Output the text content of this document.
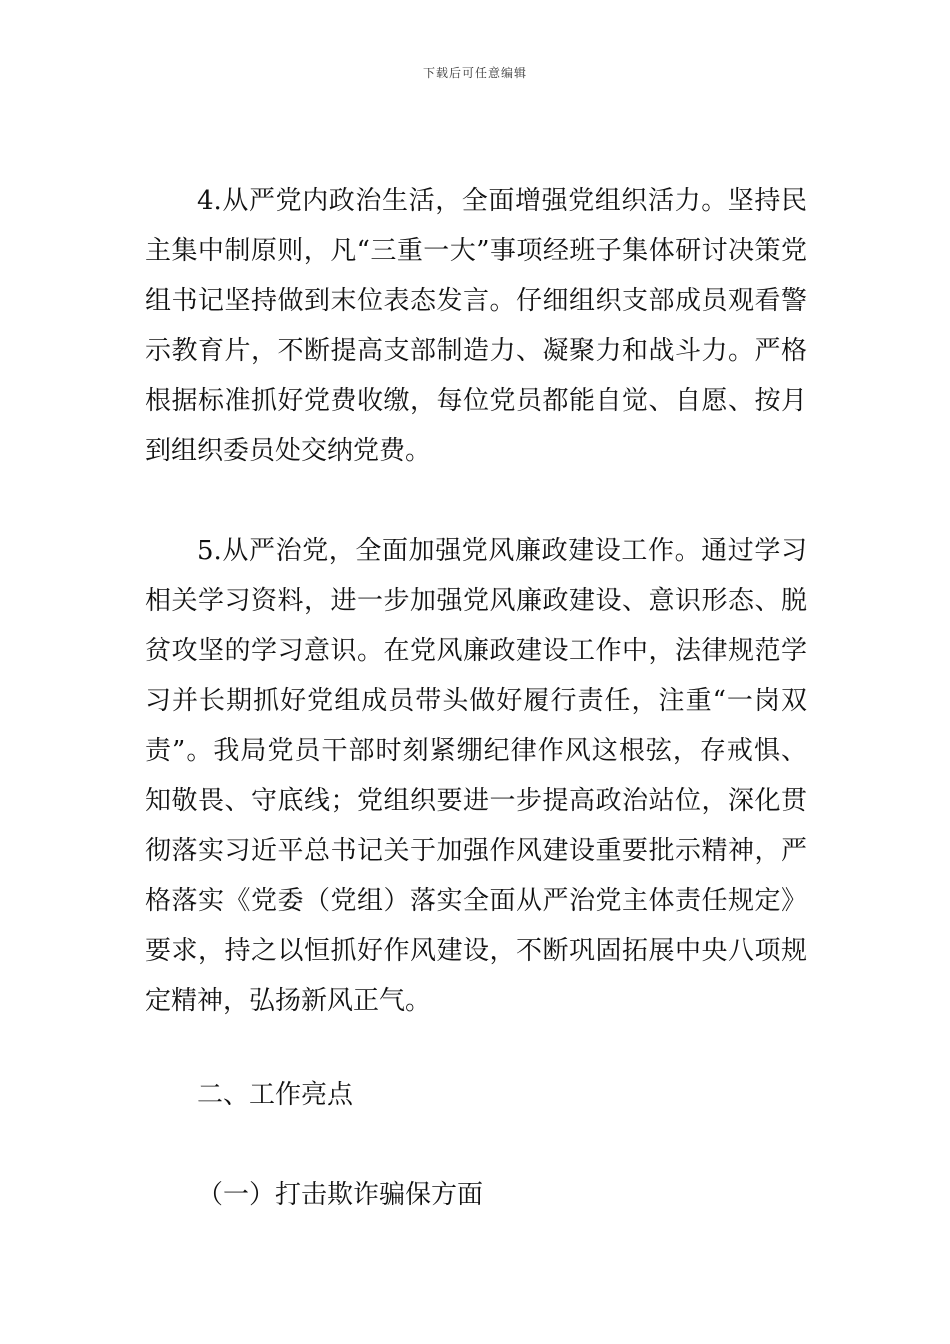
下载后可任意编辑

4.从严党内政治生活，全面增强党组织活力。坚持民主集中制原则，凡“三重一大”事项经班子集体研讨决策党组书记坚持做到末位表态发言。仔细组织支部成员观看警示教育片，不断提高支部制造力、凝聚力和战斗力。严格根据标准抓好党费收缴，每位党员都能自觉、自愿、按月到组织委员处交纳党费。

5.从严治党，全面加强党风廉政建设工作。通过学习相关学习资料，进一步加强党风廉政建设、意识形态、脱贫攻坚的学习意识。在党风廉政建设工作中，法律规范学习并长期抓好党组成员带头做好履行责任，注重“一岗双责”。我局党员干部时刻紧绷纪律作风这根弦，存戒惧、知敬畏、守底线；党组织要进一步提高政治站位，深化贯彻落实习近平总书记关于加强作风建设重要批示精神，严格落实《党委（党组）落实全面从严治党主体责任规定》要求，持之以恒抓好作风建设，不断巩固拓展中央八项规定精神，弘扬新风正气。

二、工作亮点

（一）打击欺诈骗保方面
